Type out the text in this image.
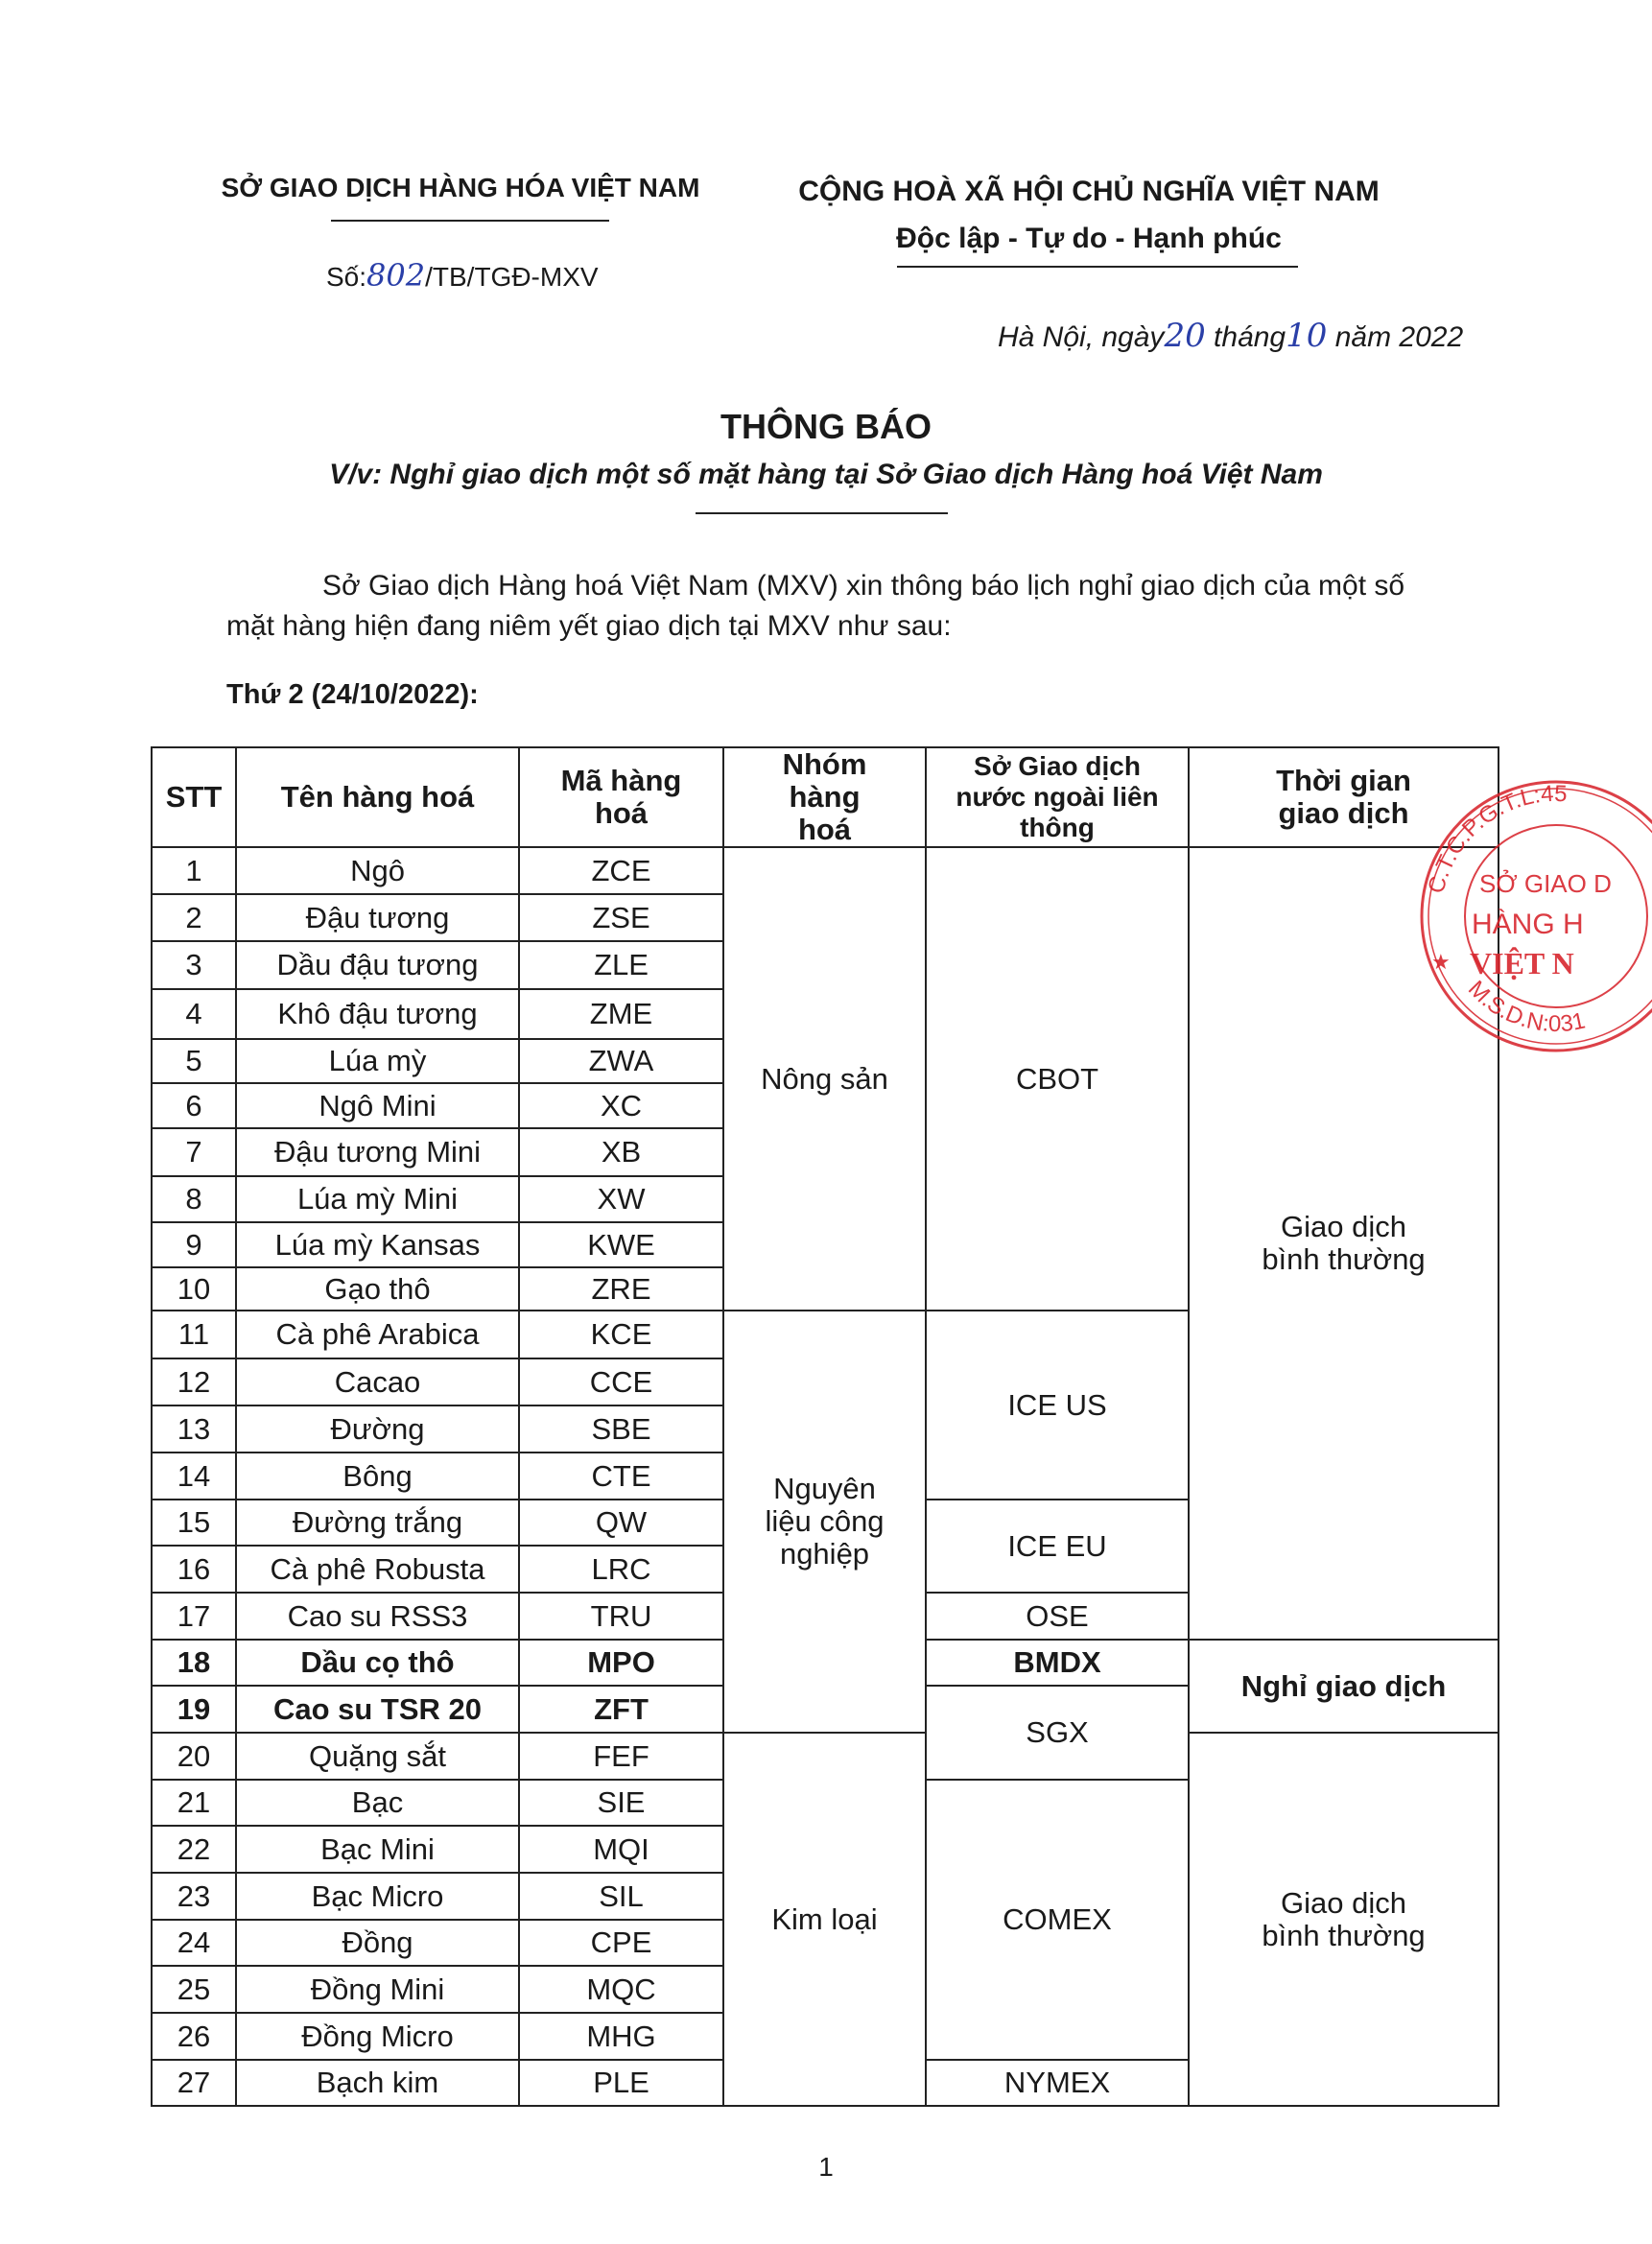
SỞ GIAO DỊCH HÀNG HÓA VIỆT NAM
Số:802/TB/TGĐ-MXV
CỘNG HOÀ XÃ HỘI CHỦ NGHĨA VIỆT NAM
Độc lập - Tự do - Hạnh phúc
Hà Nội, ngày20 tháng10 năm 2022
THÔNG BÁO
V/v: Nghỉ giao dịch một số mặt hàng tại Sở Giao dịch Hàng hoá Việt Nam
Sở Giao dịch Hàng hoá Việt Nam (MXV) xin thông báo lịch nghỉ giao dịch của một số
mặt hàng hiện đang niêm yết giao dịch tại MXV như sau:
Thứ 2 (24/10/2022):
STT	Tên hàng hoá	Mã hàng hoá	Nhóm hàng hoá	Sở Giao dịch nước ngoài liên thông	Thời gian giao dịch
1	Ngô	ZCE	Nông sản	CBOT	Giao dịch bình thường
2	Đậu tương	ZSE			
3	Dầu đậu tương	ZLE			
4	Khô đậu tương	ZME			
5	Lúa mỳ	ZWA			
6	Ngô Mini	XC			
7	Đậu tương Mini	XB			
8	Lúa mỳ Mini	XW			
9	Lúa mỳ Kansas	KWE			
10	Gạo thô	ZRE			
11	Cà phê Arabica	KCE	Nguyên liệu công nghiệp	ICE US	
12	Cacao	CCE			
13	Đường	SBE			
14	Bông	CTE			
15	Đường trắng	QW		ICE EU	
16	Cà phê Robusta	LRC			
17	Cao su RSS3	TRU		OSE	
18	Dầu cọ thô	MPO		BMDX	Nghỉ giao dịch
19	Cao su TSR 20	ZFT		SGX	
20	Quặng sắt	FEF	Kim loại		Giao dịch bình thường
21	Bạc	SIE		COMEX	
22	Bạc Mini	MQI			
23	Bạc Micro	SIL			
24	Đồng	CPE			
25	Đồng Mini	MQC			
26	Đồng Micro	MHG			
27	Bạch kim	PLE		NYMEX	
C.T.C.P.G.T.L:45
M.S.D.N:031
SỞ GIAO D
HÀNG H
VIỆT N
★
1
